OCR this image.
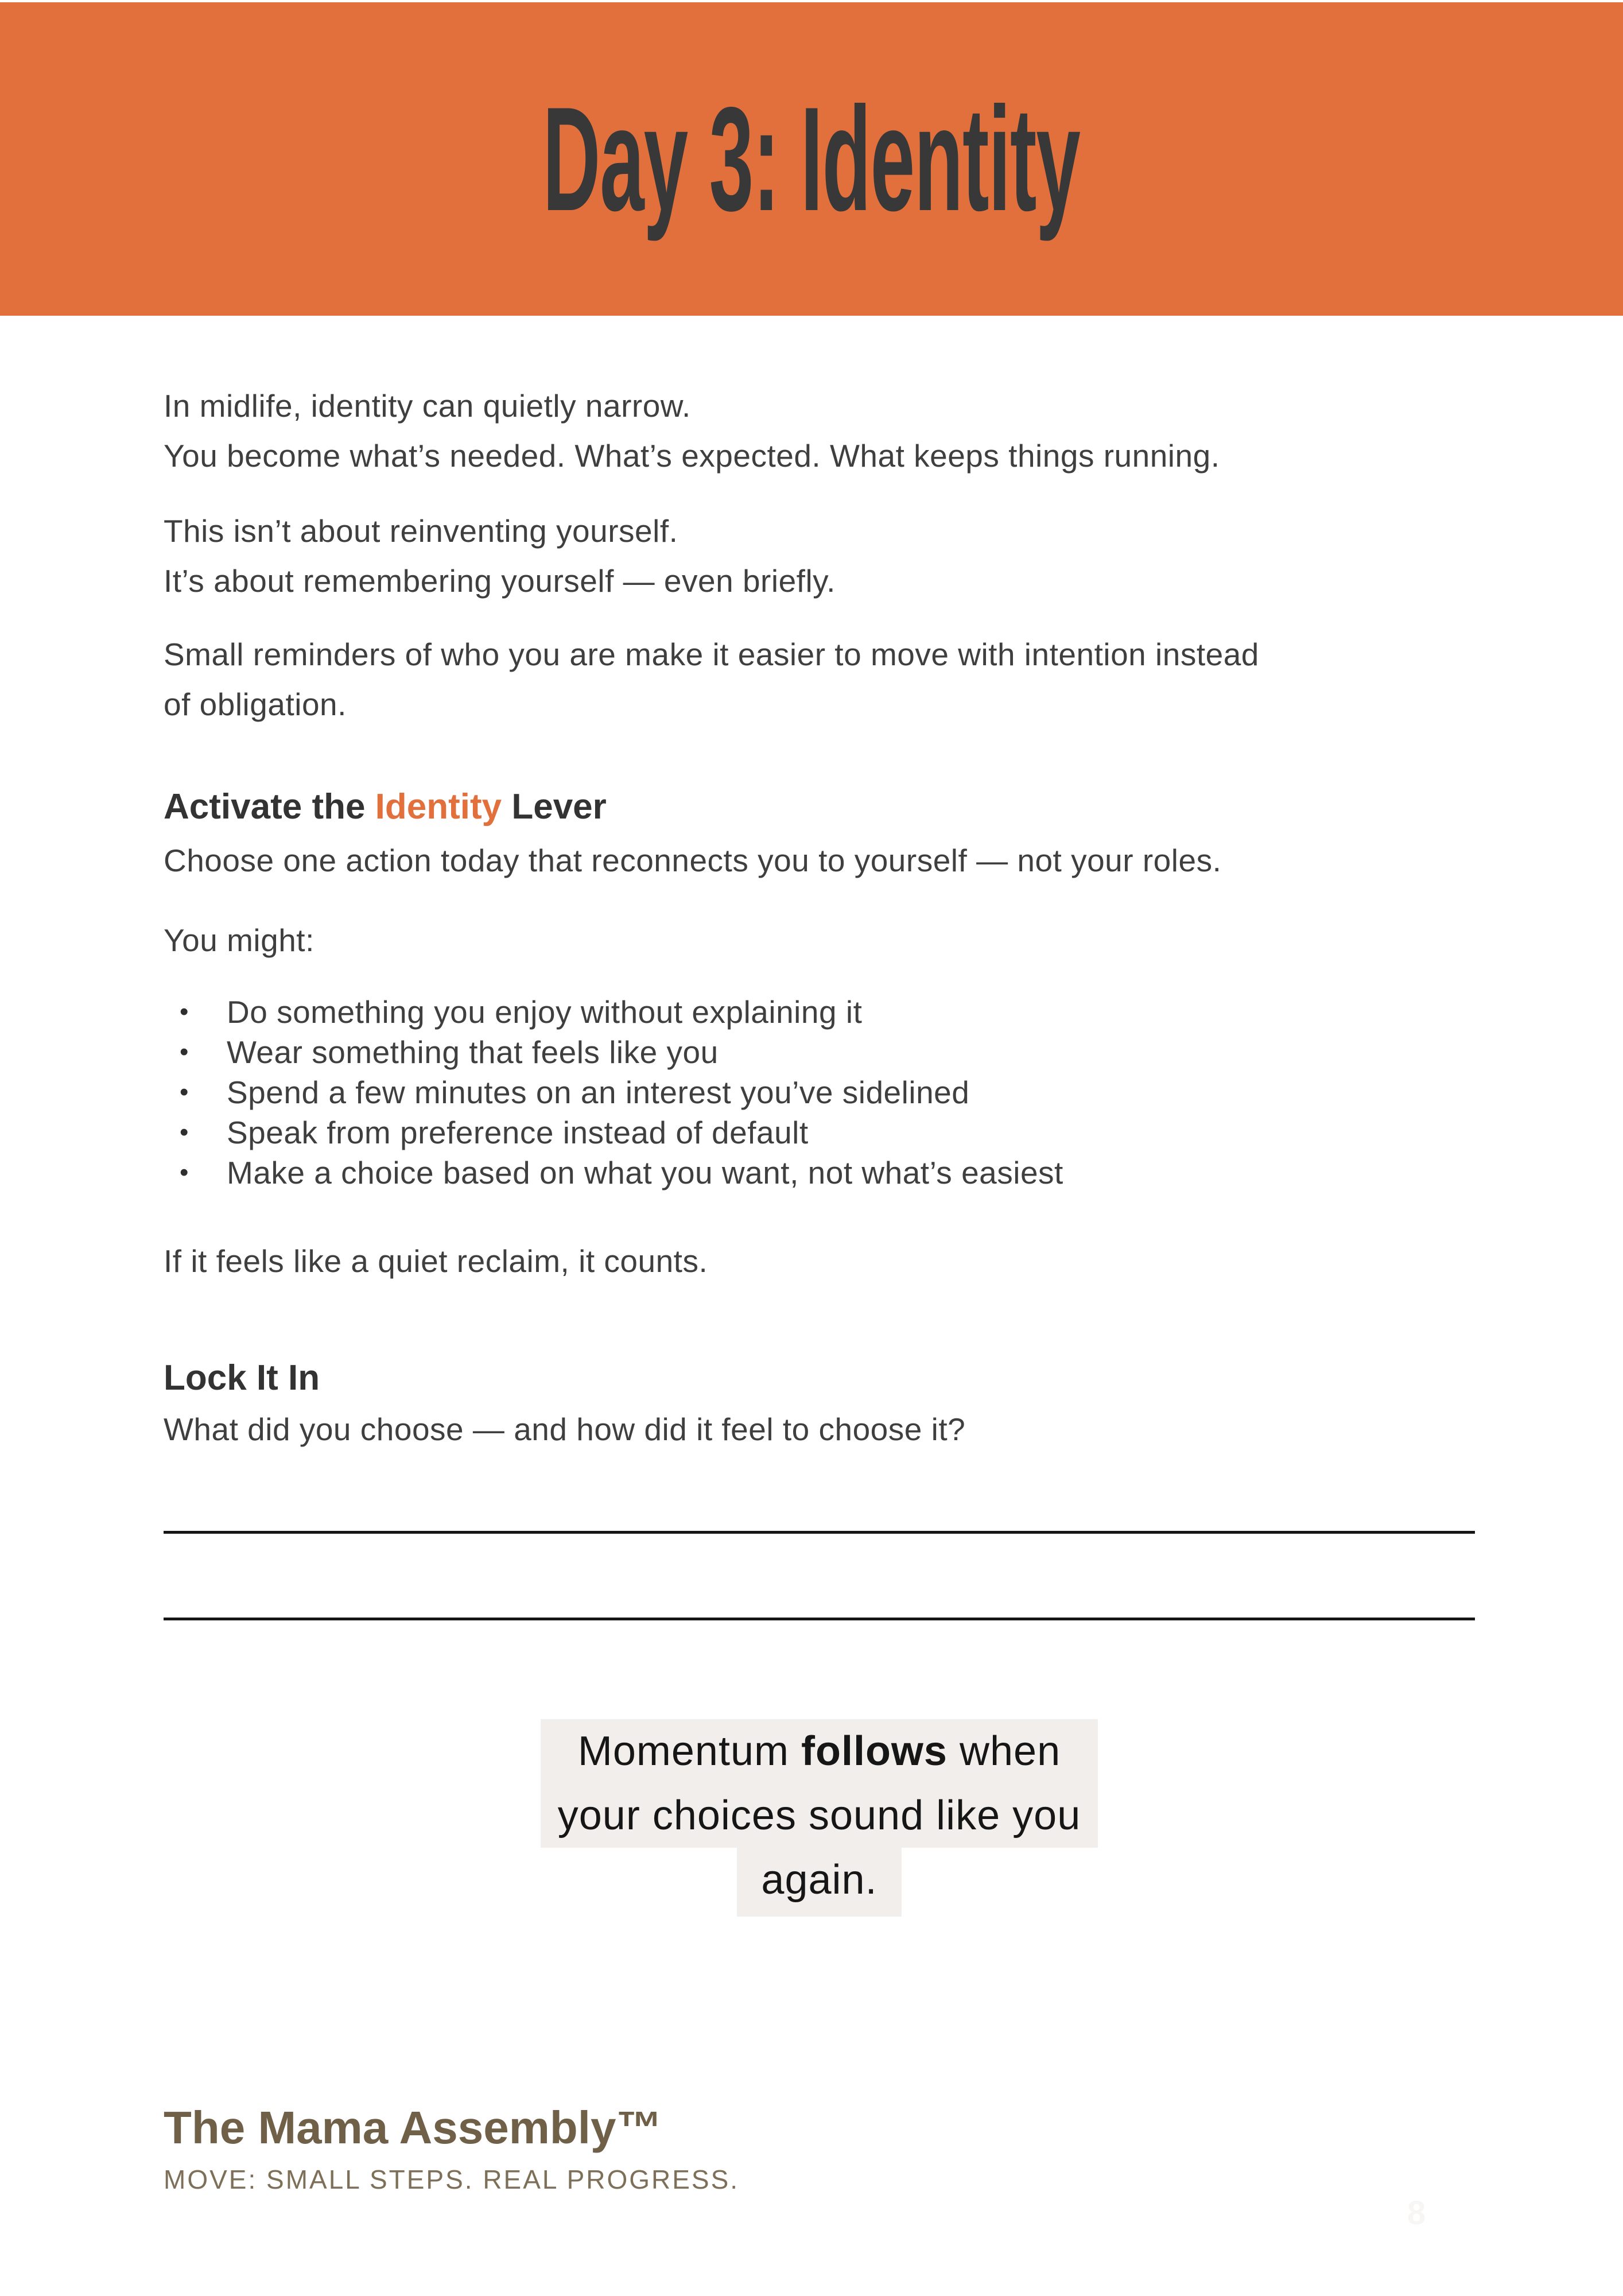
Day 3: Identity

In midlife, identity can quietly narrow.
You become what’s needed. What’s expected. What keeps things running.

This isn’t about reinventing yourself.
It’s about remembering yourself — even briefly.

Small reminders of who you are make it easier to move with intention instead
of obligation.

Activate the Identity Lever

Choose one action today that reconnects you to yourself — not your roles.

You might:

• Do something you enjoy without explaining it
• Wear something that feels like you
• Spend a few minutes on an interest you’ve sidelined
• Speak from preference instead of default
• Make a choice based on what you want, not what’s easiest

If it feels like a quiet reclaim, it counts.

Lock It In

What did you choose — and how did it feel to choose it?

Momentum follows when
your choices sound like you
again.

The Mama Assembly™

MOVE: SMALL STEPS. REAL PROGRESS.
8
